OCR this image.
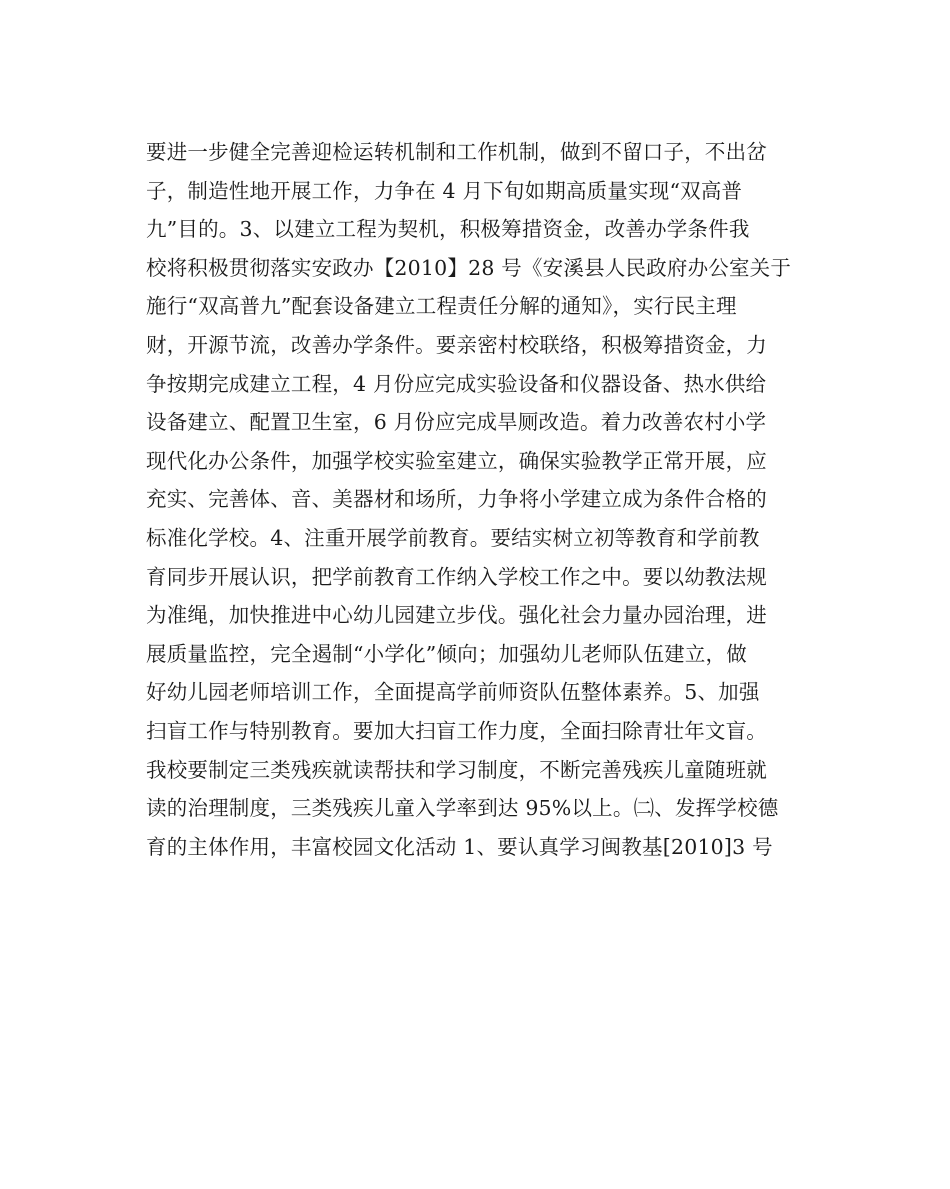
要进一步健全完善迎检运转机制和工作机制，做到不留口子，不出岔
子，制造性地开展工作，力争在 4 月下旬如期高质量实现“双高普
九”目的。3、以建立工程为契机，积极筹措资金，改善办学条件我
校将积极贯彻落实安政办【2010】28 号《安溪县人民政府办公室关于
施行“双高普九”配套设备建立工程责任分解的通知》，实行民主理
财，开源节流，改善办学条件。要亲密村校联络，积极筹措资金，力
争按期完成建立工程，4 月份应完成实验设备和仪器设备、热水供给
设备建立、配置卫生室，6 月份应完成旱厕改造。着力改善农村小学
现代化办公条件，加强学校实验室建立，确保实验教学正常开展，应
充实、完善体、音、美器材和场所，力争将小学建立成为条件合格的
标准化学校。4、注重开展学前教育。要结实树立初等教育和学前教
育同步开展认识，把学前教育工作纳入学校工作之中。要以幼教法规
为准绳，加快推进中心幼儿园建立步伐。强化社会力量办园治理，进
展质量监控，完全遏制“小学化”倾向；加强幼儿老师队伍建立，做
好幼儿园老师培训工作，全面提高学前师资队伍整体素养。5、加强
扫盲工作与特别教育。要加大扫盲工作力度，全面扫除青壮年文盲。
我校要制定三类残疾就读帮扶和学习制度，不断完善残疾儿童随班就
读的治理制度，三类残疾儿童入学率到达 95%以上。㈡、发挥学校德
育的主体作用，丰富校园文化活动 1、要认真学习闽教基[2010]3 号
